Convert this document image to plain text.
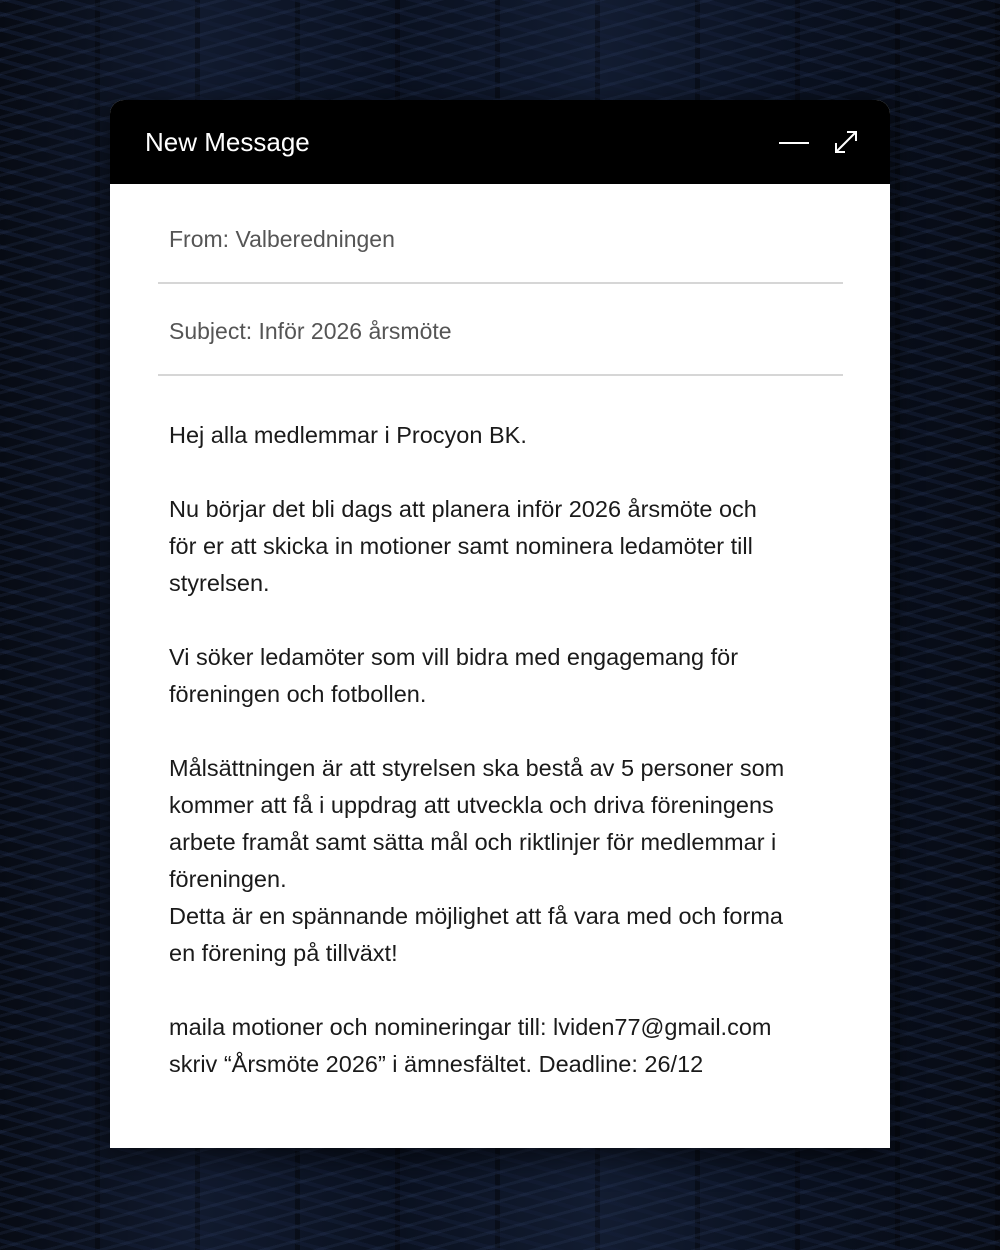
New Message
From: Valberedningen
Subject: Inför 2026 årsmöte

Hej alla medlemmar i Procyon BK.

Nu börjar det bli dags att planera inför 2026 årsmöte och
för er att skicka in motioner samt nominera ledamöter till
styrelsen.

Vi söker ledamöter som vill bidra med engagemang för
föreningen och fotbollen.

Målsättningen är att styrelsen ska bestå av 5 personer som
kommer att få i uppdrag att utveckla och driva föreningens
arbete framåt samt sätta mål och riktlinjer för medlemmar i
föreningen.

Detta är en spännande möjlighet att få vara med och forma
en förening på tillväxt!

maila motioner och nomineringar till: lviden77@gmail.com
skriv “Årsmöte 2026” i ämnesfältet. Deadline: 26/12
